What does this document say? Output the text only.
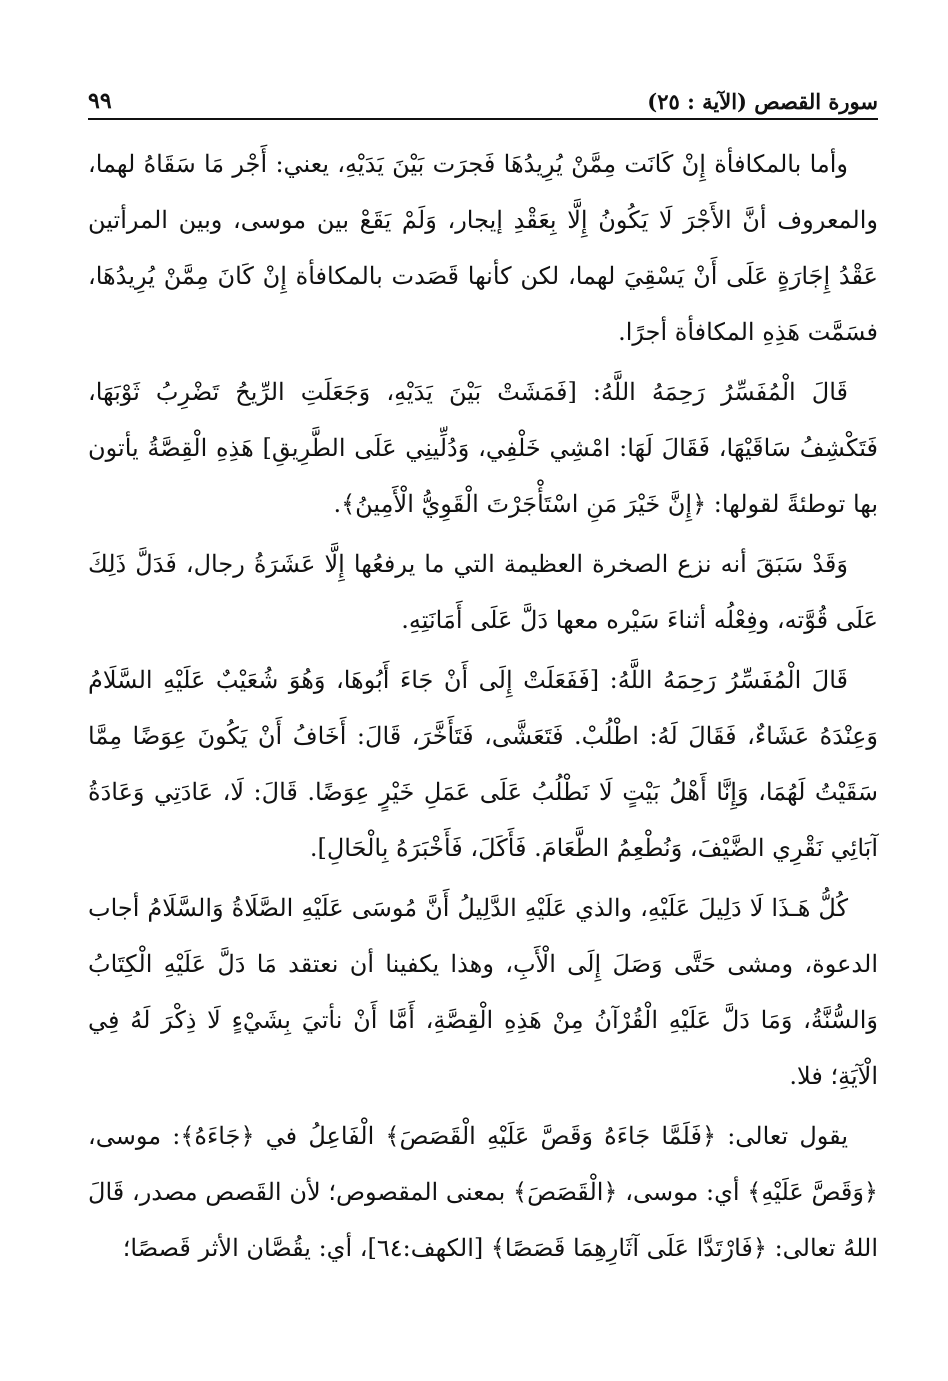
سورة القصص (الآية : ٢٥)
٩٩

وأما بالمكافأة إِنْ كَانَت مِمَّنْ يُرِيدُهَا فَجرَت بَيْنَ يَدَيْهِ، يعني: أَجْر مَا سَقَاهُ لهما، والمعروف أنَّ الأَجْرَ لَا يَكُونُ إِلَّا بِعَقْدِ إيجار، وَلَمْ يَقَعْ بين موسى، وبين المرأتين عَقْدُ إِجَارَةٍ عَلَى أَنْ يَسْقِيَ لهما، لكن كأنها قَصَدت بالمكافأة إِنْ كَانَ مِمَّنْ يُرِيدُهَا، فسَمَّت هَذِهِ المكافأة أجرًا.

قَالَ الْمُفَسِّرُ رَحِمَهُ اللَّهُ: [فَمَشَتْ بَيْنَ يَدَيْهِ، وَجَعَلَتِ الرِّيحُ تَضْرِبُ ثَوْبَهَا، فَتَكْشِفُ سَاقَيْهَا، فَقَالَ لَهَا: امْشِي خَلْفِي، وَدُلِّينِي عَلَى الطَّرِيقِ] هَذِهِ الْقِصَّةُ يأتون بها توطئةً لقولها: ﴿إِنَّ خَيْرَ مَنِ اسْتَأْجَرْتَ الْقَوِيُّ الْأَمِينُ﴾.

وَقَدْ سَبَقَ أنه نزع الصخرة العظيمة التي ما يرفعُها إِلَّا عَشَرَةُ رجال، فَدَلَّ ذَلِكَ عَلَى قُوَّته، وفِعْلُه أثناءَ سَيْره معها دَلَّ عَلَى أَمَانَتِهِ.

قَالَ الْمُفَسِّرُ رَحِمَهُ اللَّهُ: [فَفَعَلَتْ إِلَى أَنْ جَاءَ أَبُوهَا، وَهُوَ شُعَيْبٌ عَلَيْهِ السَّلَامُ وَعِنْدَهُ عَشَاءٌ، فَقَالَ لَهُ: اطْلُبْ. فَتَعَشَّى، فَتَأَخَّرَ، قَالَ: أَخَافُ أَنْ يَكُونَ عِوَضًا مِمَّا سَقَيْتُ لَهُمَا، وَإِنَّا أَهْلُ بَيْتٍ لَا نَطْلُبُ عَلَى عَمَلِ خَيْرٍ عِوَضًا. قَالَ: لَا، عَادَتِي وَعَادَةُ آبَائِي نَقْرِي الضَّيْفَ، وَنُطْعِمُ الطَّعَامَ. فَأَكَلَ، فَأَخْبَرَهُ بِالْحَالِ].

كُلُّ هَـذَا لَا دَلِيلَ عَلَيْهِ، والذي عَلَيْهِ الدَّلِيلُ أَنَّ مُوسَى عَلَيْهِ الصَّلَاةُ وَالسَّلَامُ أجاب الدعوة، ومشى حَتَّى وَصَلَ إِلَى الْأَبِ، وهذا يكفينا أن نعتقد مَا دَلَّ عَلَيْهِ الْكِتَابُ وَالسُّنَّةُ، وَمَا دَلَّ عَلَيْهِ الْقُرْآنُ مِنْ هَذِهِ الْقِصَّةِ، أَمَّا أَنْ نأتيَ بِشَيْءٍ لَا ذِكْرَ لَهُ فِي الْآيَةِ؛ فلا.

يقول تعالى: ﴿فَلَمَّا جَاءَهُ وَقَصَّ عَلَيْهِ الْقَصَصَ﴾ الْفَاعِلُ في ﴿جَاءَهُ﴾: موسى، ﴿وَقَصَّ عَلَيْهِ﴾ أي: موسى، ﴿الْقَصَصَ﴾ بمعنى المقصوص؛ لأن القَصص مصدر، قَالَ اللهُ تعالى: ﴿فَارْتَدَّا عَلَى آثَارِهِمَا قَصَصًا﴾ [الكهف:٦٤]، أي: يقُصَّان الأثر قَصصًا؛
